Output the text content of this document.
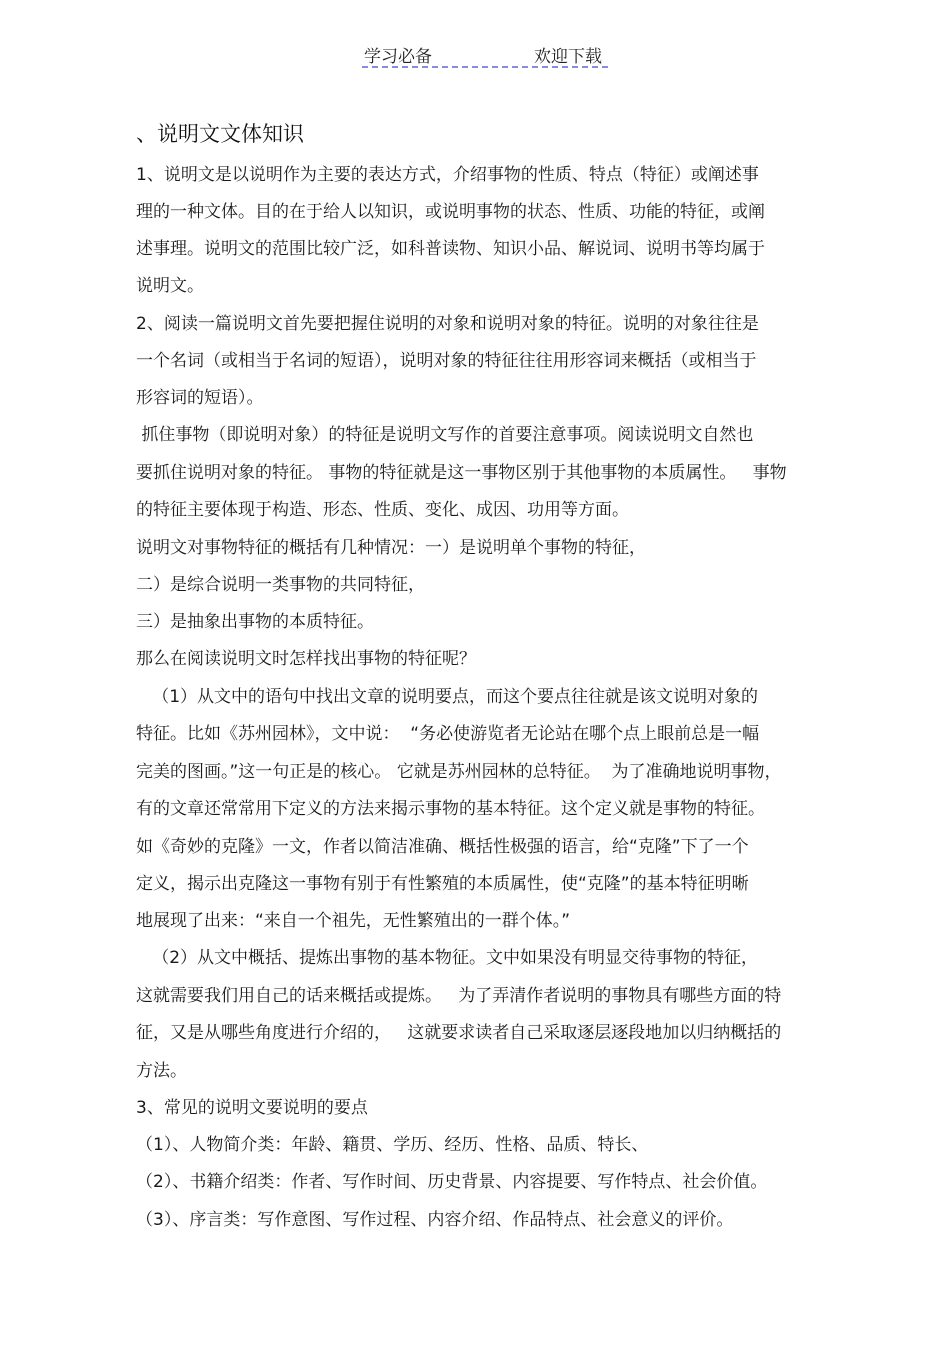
学习必备	欢迎下载
、说明文文体知识
1、说明文是以说明作为主要的表达方式，介绍事物的性质、特点（特征）或阐述事
理的一种文体。目的在于给人以知识，或说明事物的状态、性质、功能的特征，或阐
述事理。说明文的范围比较广泛，如科普读物、知识小品、解说词、说明书等均属于
说明文。
2、阅读一篇说明文首先要把握住说明的对象和说明对象的特征。说明的对象往往是
一个名词（或相当于名词的短语），说明对象的特征往往用形容词来概括（或相当于
形容词的短语）。
抓住事物（即说明对象）的特征是说明文写作的首要注意事项。阅读说明文自然也
要抓住说明对象的特征。 事物的特征就是这一事物区别于其他事物的本质属性。   事物
的特征主要体现于构造、形态、性质、变化、成因、功用等方面。
说明文对事物特征的概括有几种情况：一）是说明单个事物的特征，
二）是综合说明一类事物的共同特征，
三）是抽象出事物的本质特征。
那么在阅读说明文时怎样找出事物的特征呢？
（1）从文中的语句中找出文章的说明要点，而这个要点往往就是该文说明对象的
特征。比如《苏州园林》，文中说：  “务必使游览者无论站在哪个点上眼前总是一幅
完美的图画。”这一句正是的核心。 它就是苏州园林的总特征。  为了准确地说明事物，
有的文章还常常用下定义的方法来揭示事物的基本特征。这个定义就是事物的特征。
如《奇妙的克隆》一文，作者以简洁准确、概括性极强的语言，给“克隆”下了一个
定义，揭示出克隆这一事物有别于有性繁殖的本质属性，使“克隆”的基本特征明晰
地展现了出来：“来自一个祖先，无性繁殖出的一群个体。”
（2）从文中概括、提炼出事物的基本物征。文中如果没有明显交待事物的特征，
这就需要我们用自己的话来概括或提炼。   为了弄清作者说明的事物具有哪些方面的特
征，又是从哪些角度进行介绍的，   这就要求读者自己采取逐层逐段地加以归纳概括的
方法。
3、常见的说明文要说明的要点
（1）、人物简介类：年龄、籍贯、学历、经历、性格、品质、特长、
（2）、书籍介绍类：作者、写作时间、历史背景、内容提要、写作特点、社会价值。
（3）、序言类：写作意图、写作过程、内容介绍、作品特点、社会意义的评价。
